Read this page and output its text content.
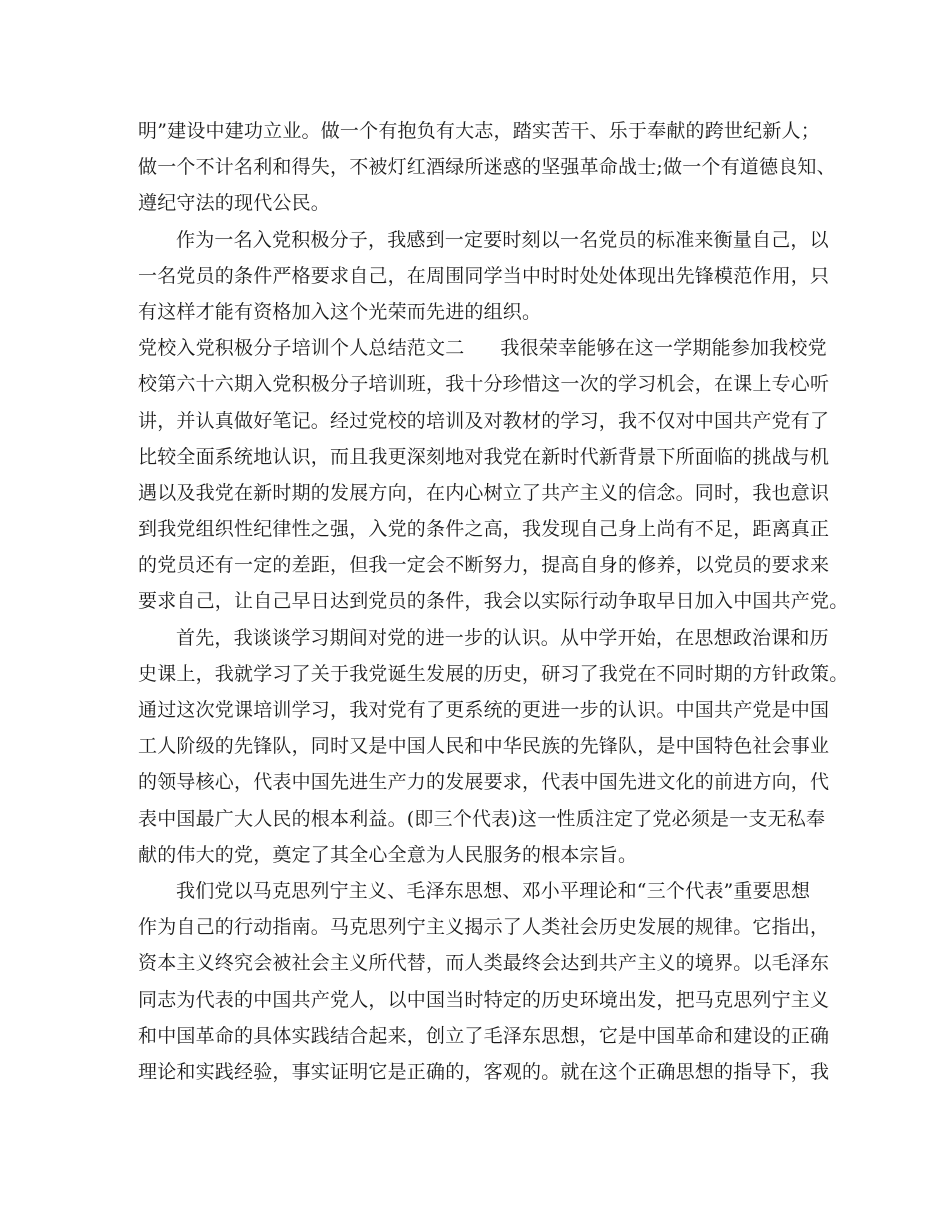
明”建设中建功立业。做一个有抱负有大志，踏实苦干、乐于奉献的跨世纪新人；
做一个不计名利和得失，不被灯红酒绿所迷惑的坚强革命战士;做一个有道德良知、
遵纪守法的现代公民。
作为一名入党积极分子，我感到一定要时刻以一名党员的标准来衡量自己，以
一名党员的条件严格要求自己，在周围同学当中时时处处体现出先锋模范作用，只
有这样才能有资格加入这个光荣而先进的组织。
党校入党积极分子培训个人总结范文二 我很荣幸能够在这一学期能参加我校党
校第六十六期入党积极分子培训班，我十分珍惜这一次的学习机会，在课上专心听
讲，并认真做好笔记。经过党校的培训及对教材的学习，我不仅对中国共产党有了
比较全面系统地认识，而且我更深刻地对我党在新时代新背景下所面临的挑战与机
遇以及我党在新时期的发展方向，在内心树立了共产主义的信念。同时，我也意识
到我党组织性纪律性之强，入党的条件之高，我发现自己身上尚有不足，距离真正
的党员还有一定的差距，但我一定会不断努力，提高自身的修养，以党员的要求来
要求自己，让自己早日达到党员的条件，我会以实际行动争取早日加入中国共产党。
首先，我谈谈学习期间对党的进一步的认识。从中学开始，在思想政治课和历
史课上，我就学习了关于我党诞生发展的历史，研习了我党在不同时期的方针政策。
通过这次党课培训学习，我对党有了更系统的更进一步的认识。中国共产党是中国
工人阶级的先锋队，同时又是中国人民和中华民族的先锋队，是中国特色社会事业
的领导核心，代表中国先进生产力的发展要求，代表中国先进文化的前进方向，代
表中国最广大人民的根本利益。(即三个代表)这一性质注定了党必须是一支无私奉
献的伟大的党，奠定了其全心全意为人民服务的根本宗旨。
我们党以马克思列宁主义、毛泽东思想、邓小平理论和“三个代表”重要思想
作为自己的行动指南。马克思列宁主义揭示了人类社会历史发展的规律。它指出，
资本主义终究会被社会主义所代替，而人类最终会达到共产主义的境界。以毛泽东
同志为代表的中国共产党人，以中国当时特定的历史环境出发，把马克思列宁主义
和中国革命的具体实践结合起来，创立了毛泽东思想，它是中国革命和建设的正确
理论和实践经验，事实证明它是正确的，客观的。就在这个正确思想的指导下，我
